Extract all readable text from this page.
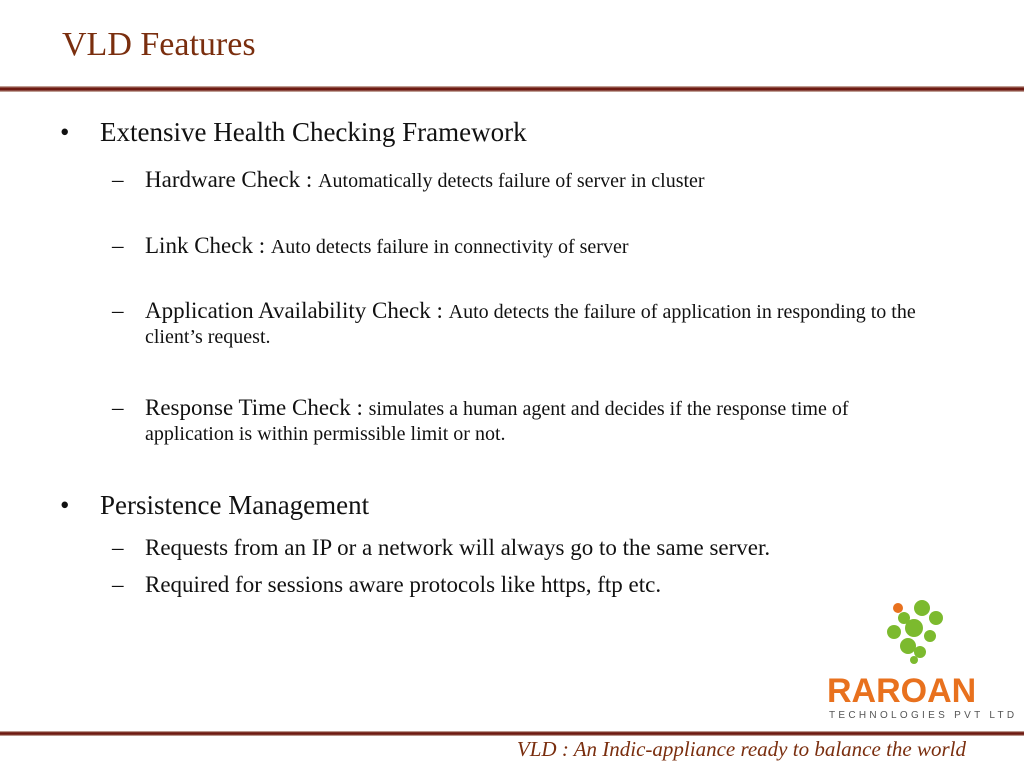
VLD Features
• Extensive Health Checking Framework
– Hardware Check : Automatically detects failure of server in cluster
– Link Check : Auto detects failure in connectivity of server
– Application Availability Check : Auto detects the failure of application in responding to the client’s request.
– Response Time Check : simulates a human agent and decides if the response time of application is within permissible limit or not.
• Persistence Management
– Requests from an IP or a network will always go to the same server.
– Required for sessions aware protocols like https, ftp etc.
RAROAN
TECHNOLOGIES PVT LTD
VLD : An Indic-appliance ready to balance the world
